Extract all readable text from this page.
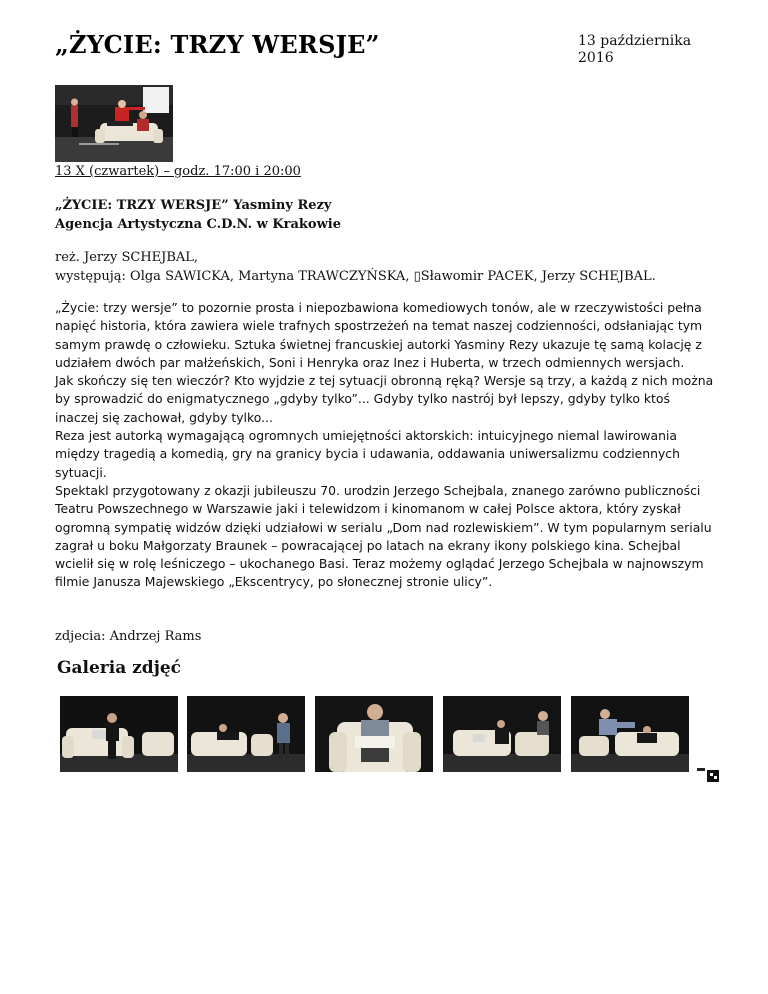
„ŻYCIE: TRZY WERSJE”	13 października
2016
13 X (czwartek) – godz. 17:00 i 20:00
„ŻYCIE: TRZY WERSJE” Yasminy Rezy
Agencja Artystyczna C.D.N. w Krakowie
reż. Jerzy SCHEJBAL,
występują: Olga SAWICKA, Martyna TRAWCZYŃSKA, ▯Sławomir PACEK, Jerzy SCHEJBAL.

„Życie: trzy wersje” to pozornie prosta i niepozbawiona komediowych tonów, ale w rzeczywistości pełna napięć historia, która zawiera wiele trafnych spostrzeżeń na temat naszej codzienności, odsłaniając tym samym prawdę o człowieku. Sztuka świetnej francuskiej autorki Yasminy Rezy ukazuje tę samą kolację z udziałem dwóch par małżeńskich, Soni i Henryka oraz Inez i Huberta, w trzech odmiennych wersjach.

Jak skończy się ten wieczór? Kto wyjdzie z tej sytuacji obronną ręką? Wersje są trzy, a każdą z nich można by sprowadzić do enigmatycznego „gdyby tylko”... Gdyby tylko nastrój był lepszy, gdyby tylko ktoś inaczej się zachował, gdyby tylko...

Reza jest autorką wymagającą ogromnych umiejętności aktorskich: intuicyjnego niemal lawirowania między tragedią a komedią, gry na granicy bycia i udawania, oddawania uniwersalizmu codziennych sytuacji.

Spektakl przygotowany z okazji jubileuszu 70. urodzin Jerzego Schejbala, znanego zarówno publiczności Teatru Powszechnego w Warszawie jaki i telewidzom i kinomanom w całej Polsce aktora, który zyskał ogromną sympatię widzów dzięki udziałowi w serialu „Dom nad rozlewiskiem”. W tym popularnym serialu zagrał u boku Małgorzaty Braunek – powracającej po latach na ekrany ikony polskiego kina. Schejbal

wcielił się w rolę leśniczego – ukochanego Basi. Teraz możemy oglądać Jerzego Schejbala w najnowszym filmie Janusza Majewskiego „Ekscentrycy, po słonecznej stronie ulicy”.

zdjecia: Andrzej Rams
Galeria zdjęć
